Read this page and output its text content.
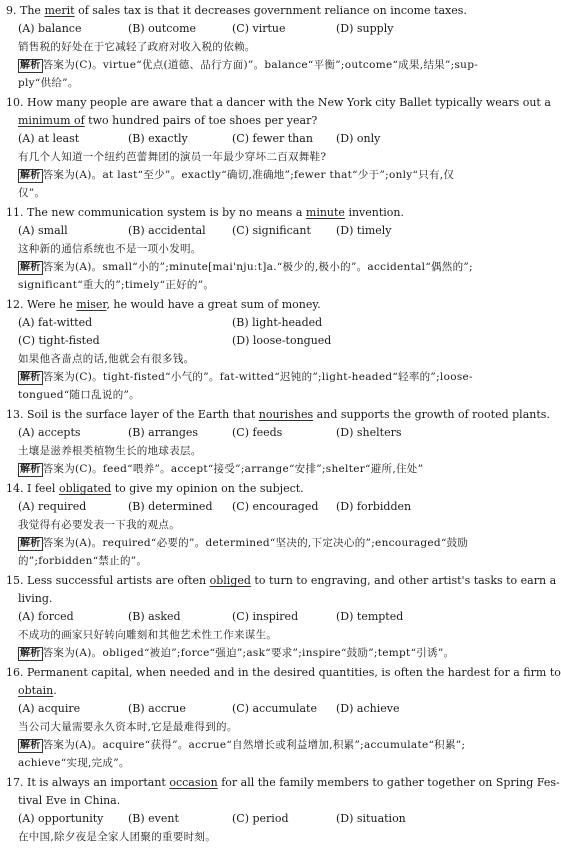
9. The merit of sales tax is that it decreases government reliance on income taxes.
(A) balance	(B) outcome	(C) virtue	(D) supply
销售税的好处在于它减轻了政府对收入税的依赖。
解析 答案为(C)。virtue“优点(道德、品行方面)”。balance“平衡”;outcome“成果,结果”;sup-
ply“供给”。
10. How many people are aware that a dancer with the New York city Ballet typically wears out a
minimum of two hundred pairs of toe shoes per year?
(A) at least	(B) exactly	(C) fewer than (D) only
有几个人知道一个纽约芭蕾舞团的演员一年最少穿坏二百双舞鞋?
解析 答案为(A)。at last“至少”。exactly“确切,准确地”;fewer that“少于”;only“只有,仅
仅”。
11. The new communication system is by no means a minute invention.
(A) small	(B) accidental (C) significant (D) timely
这种新的通信系统也不是一项小发明。
解析 答案为(A)。small“小的”;minute[mai'njuːt]a.“极少的,极小的”。accidental“偶然的”;
significant“重大的”;timely“正好的”。
12. Were he miser, he would have a great sum of money.
(A) fat-witted	(B) light-headed
(C) tight-fisted	(D) loose-tongued
如果他吝啬点的话,他就会有很多钱。
解析 答案为(C)。tight-fisted“小气的”。fat-witted“迟钝的”;light-headed“轻率的”;loose-
tongued“随口乱说的”。
13. Soil is the surface layer of the Earth that nourishes and supports the growth of rooted plants.
(A) accepts	(B) arranges	(C) feeds	(D) shelters
土壤是滋养根类植物生长的地球表层。
解析 答案为(C)。feed“喂养”。accept“接受”;arrange“安排”;shelter“避所,住处”
14. I feel obligated to give my opinion on the subject.
(A) required	(B) determined (C) encouraged (D) forbidden
我觉得有必要发表一下我的观点。
解析 答案为(A)。required“必要的”。determined“坚决的,下定决心的”;encouraged“鼓励
的”;forbidden“禁止的”。
15. Less successful artists are often obliged to turn to engraving, and other artist's tasks to earn a
living.
(A) forced	(B) asked	(C) inspired	(D) tempted
不成功的画家只好转向雕刻和其他艺术性工作来谋生。
解析 答案为(A)。obliged“被迫”;force“强迫”;ask“要求”;inspire“鼓励”;tempt“引诱”。
16. Permanent capital, when needed and in the desired quantities, is often the hardest for a firm to
obtain.
(A) acquire	(B) accrue	(C) accumulate (D) achieve
当公司大量需要永久资本时,它是最难得到的。
解析 答案为(A)。acquire“获得”。accrue“自然增长或利益增加,积累”;accumulate“积累”;
achieve“实现,完成”。
17. It is always an important occasion for all the family members to gather together on Spring Fes-
tival Eve in China.
(A) opportunity (B) event	(C) period	(D) situation
在中国,除夕夜是全家人团聚的重要时刻。
